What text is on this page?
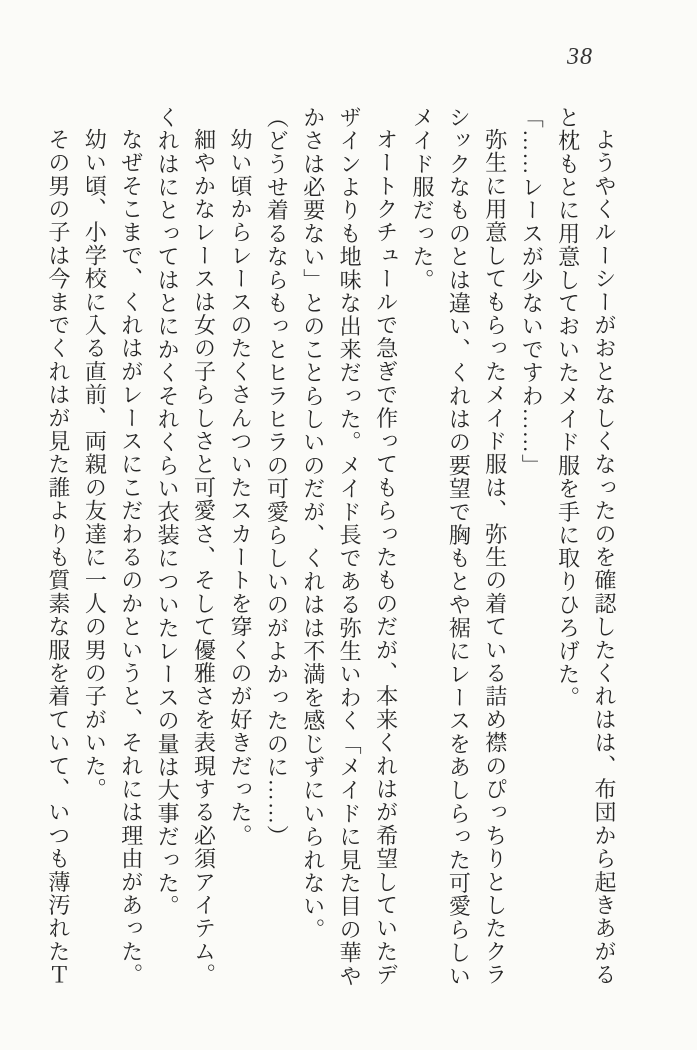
38

ようやくルーシーがおとなしくなったのを確認したくれはは、布団から起きあがる

と枕もとに用意しておいたメイド服を手に取りひろげた。

「……レースが少ないですわ……」

弥生に用意してもらったメイド服は、弥生の着ている詰め襟のぴっちりとしたクラ

シックなものとは違い、くれはの要望で胸もとや裾にレースをあしらった可愛らしい

メイド服だった。

オートクチュールで急ぎで作ってもらったものだが、本来くれはが希望していたデ

ザインよりも地味な出来だった。メイド長である弥生いわく「メイドに見た目の華や

かさは必要ない」とのことらしいのだが、くれはは不満を感じずにいられない。

（どうせ着るならもっとヒラヒラの可愛らしいのがよかったのに……）

幼い頃からレースのたくさんついたスカートを穿くのが好きだった。

細やかなレースは女の子らしさと可愛さ、そして優雅さを表現する必須アイテム。

くれはにとってはとにかくそれくらい衣装についたレースの量は大事だった。

なぜそこまで、くれはがレースにこだわるのかというと、それには理由があった。

幼い頃、小学校に入る直前、両親の友達に一人の男の子がいた。

その男の子は今までくれはが見た誰よりも質素な服を着ていて、いつも薄汚れたＴ
